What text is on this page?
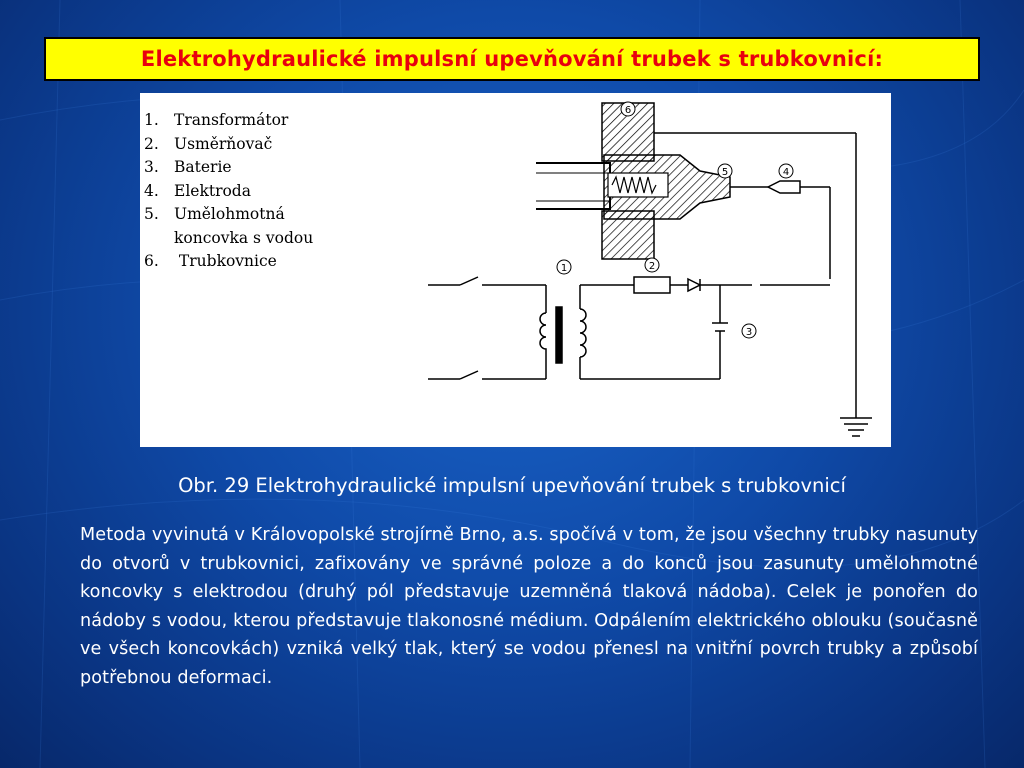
Elektrohydraulické impulsní upevňování trubek s trubkovnicí:
1. Transformátor
2. Usměrňovač
3. Baterie
4. Elektroda
5. Umělohmotná
koncovka s vodou
6. Trubkovnice
6
5	4
1	2
3
Obr. 29 Elektrohydraulické impulsní upevňování trubek s trubkovnicí
Metoda vyvinutá v Královopolské strojírně Brno, a.s. spočívá v tom, že jsou všechny trubky nasunuty do otvorů v trubkovnici, zafixovány ve správné poloze a do konců jsou zasunuty umělohmotné koncovky s elektrodou (druhý pól představuje uzemněná tlaková nádoba). Celek je ponořen do nádoby s vodou, kterou představuje tlakonosné médium. Odpálením elektrického oblouku (současně ve všech koncovkách) vzniká velký tlak, který se vodou přenesl na vnitřní povrch trubky a způsobí potřebnou deformaci.
